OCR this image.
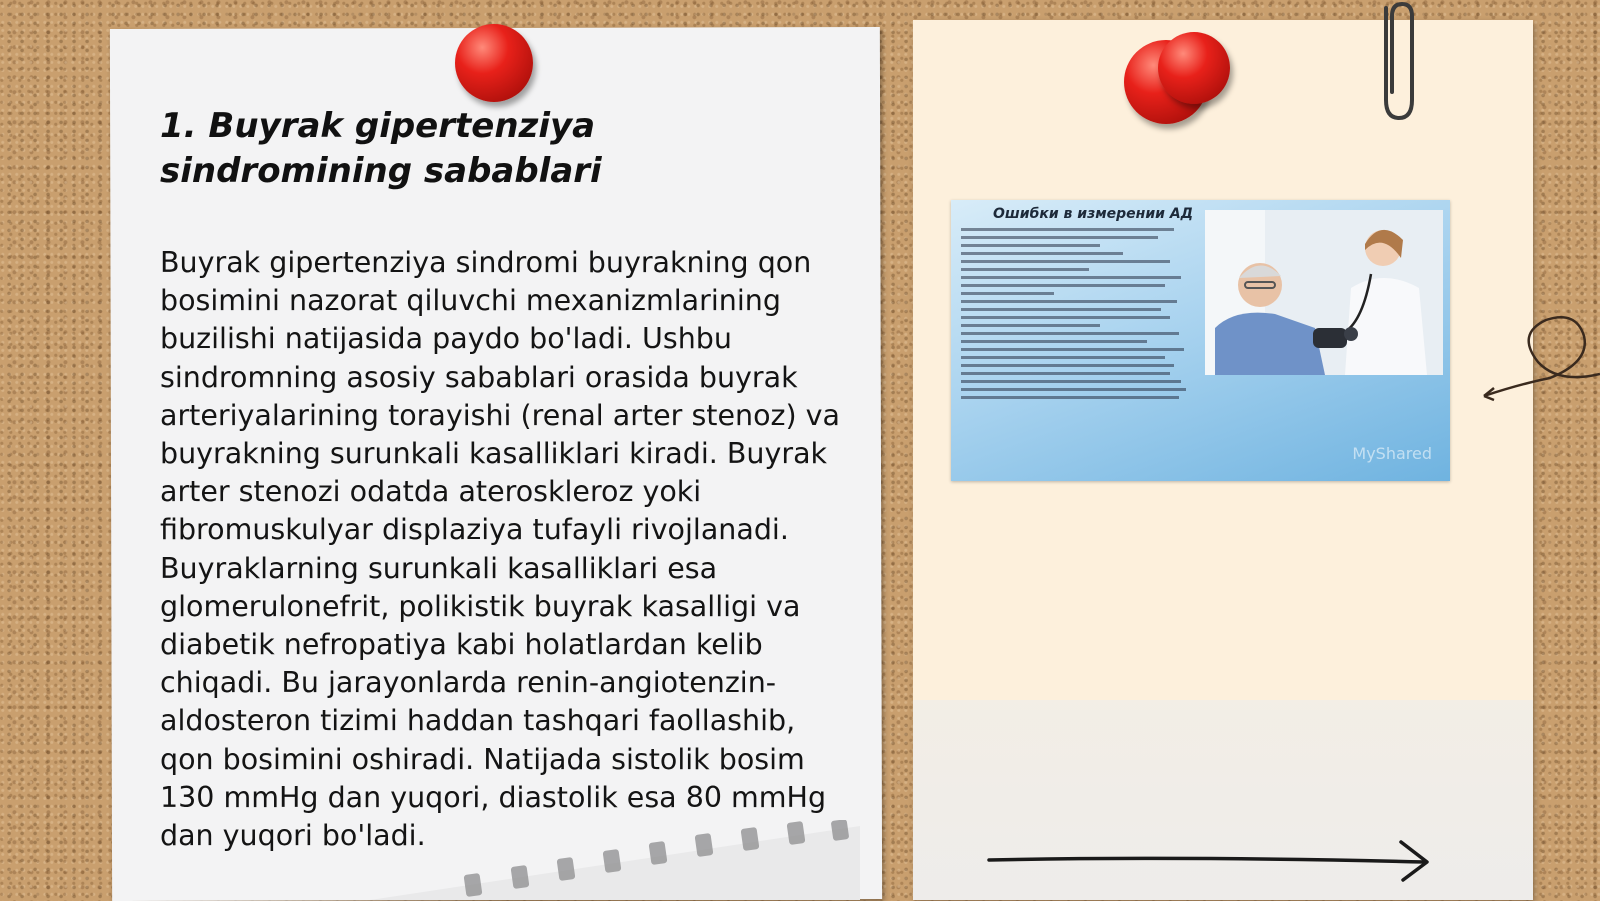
1. Buyrak gipertenziya sindromining sabablari

Buyrak gipertenziya sindromi buyrakning qon bosimini nazorat qiluvchi mexanizmlarining buzilishi natijasida paydo bo'ladi. Ushbu sindromning asosiy sabablari orasida buyrak arteriyalarining torayishi (renal arter stenoz) va buyrakning surunkali kasalliklari kiradi. Buyrak arter stenozi odatda ateroskleroz yoki fibromuskulyar displaziya tufayli rivojlanadi. Buyraklarning surunkali kasalliklari esa glomerulonefrit, polikistik buyrak kasalligi va diabetik nefropatiya kabi holatlardan kelib chiqadi. Bu jarayonlarda renin-angiotenzin-aldosteron tizimi haddan tashqari faollashib, qon bosimini oshiradi. Natijada sistolik bosim 130 mmHg dan yuqori, diastolik esa 80 mmHg dan yuqori bo'ladi.

Ошибки в измерении АД
MyShared
